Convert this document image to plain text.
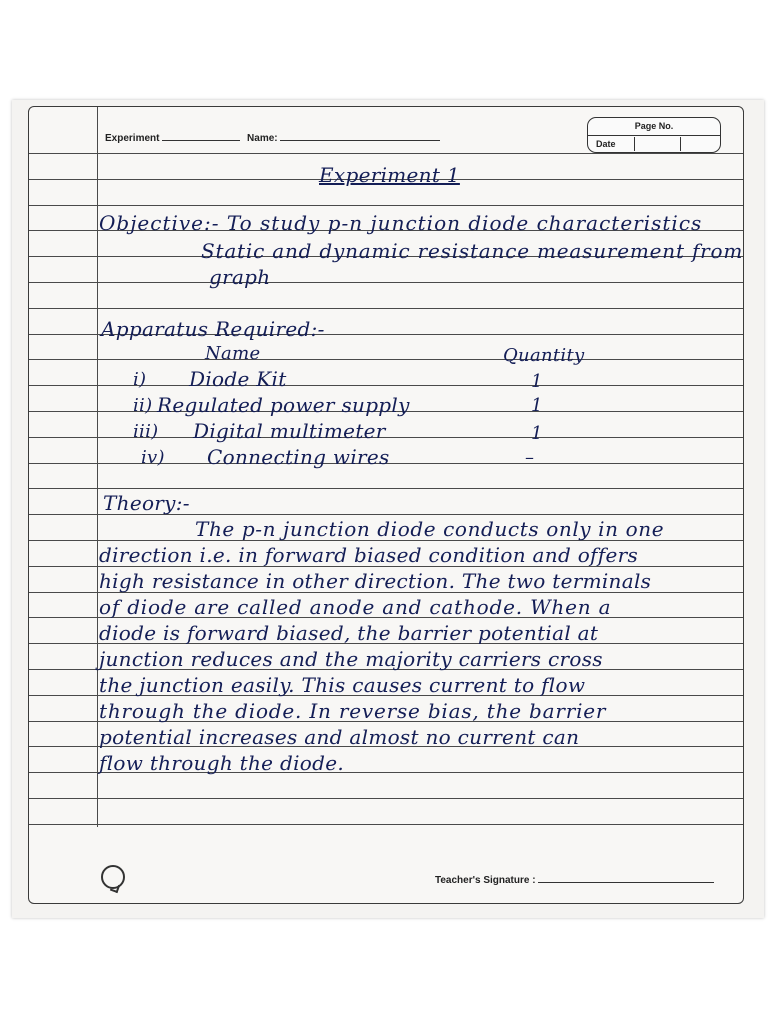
Experiment	Name:
Page No.
Date
Experiment 1
Objective:- To study p-n junction diode characteristics
Static and dynamic resistance measurement from
graph
Apparatus Required:-
Name	Quantity
i) Diode Kit	1
ii) Regulated power supply	1
iii) Digital multimeter	1
iv) Connecting wires	–
Theory:-
The p-n junction diode conducts only in one
direction i.e. in forward biased condition and offers
high resistance in other direction. The two terminals
of diode are called anode and cathode. When a
diode is forward biased, the barrier potential at
junction reduces and the majority carriers cross
the junction easily. This causes current to flow
through the diode. In reverse bias, the barrier
potential increases and almost no current can
flow through the diode.
Teacher's Signature :
